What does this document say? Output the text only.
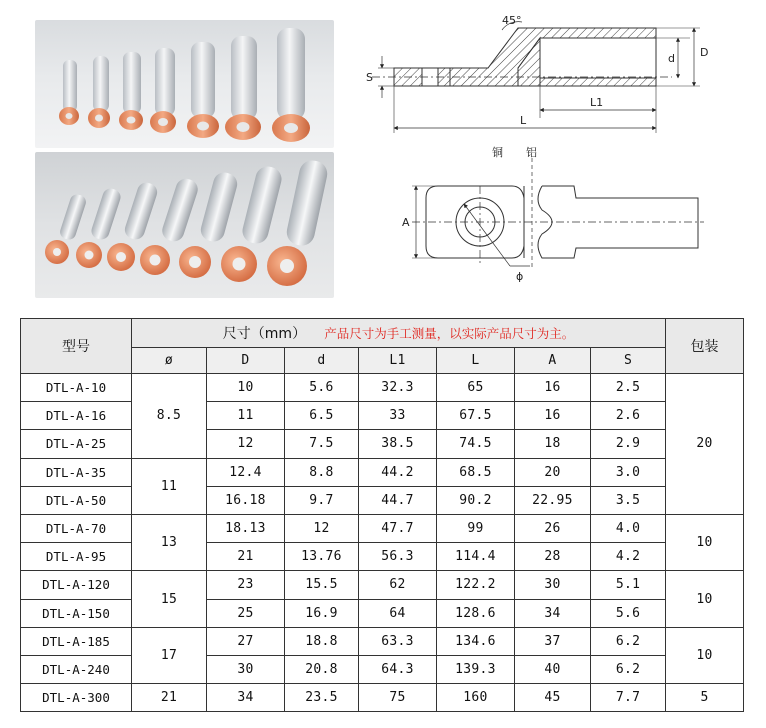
45°
S
d D
L1
L
铜 铝
A
ϕ
型号	尺寸（mm） 产品尺寸为手工测量，以实际产品尺寸为主。							包装
	ø	D	d	L1	L	A	S	
DTL-A-10	8.5	10	5.6	32.3	65	16	2.5	20
DTL-A-16		11	6.5	33	67.5	16	2.6	
DTL-A-25		12	7.5	38.5	74.5	18	2.9	
DTL-A-35	11	12.4	8.8	44.2	68.5	20	3.0	
DTL-A-50		16.18	9.7	44.7	90.2	22.95	3.5	
DTL-A-70	13	18.13	12	47.7	99	26	4.0	10
DTL-A-95		21	13.76	56.3	114.4	28	4.2	
DTL-A-120	15	23	15.5	62	122.2	30	5.1	10
DTL-A-150		25	16.9	64	128.6	34	5.6	
DTL-A-185	17	27	18.8	63.3	134.6	37	6.2	10
DTL-A-240		30	20.8	64.3	139.3	40	6.2	
DTL-A-300	21	34	23.5	75	160	45	7.7	5
